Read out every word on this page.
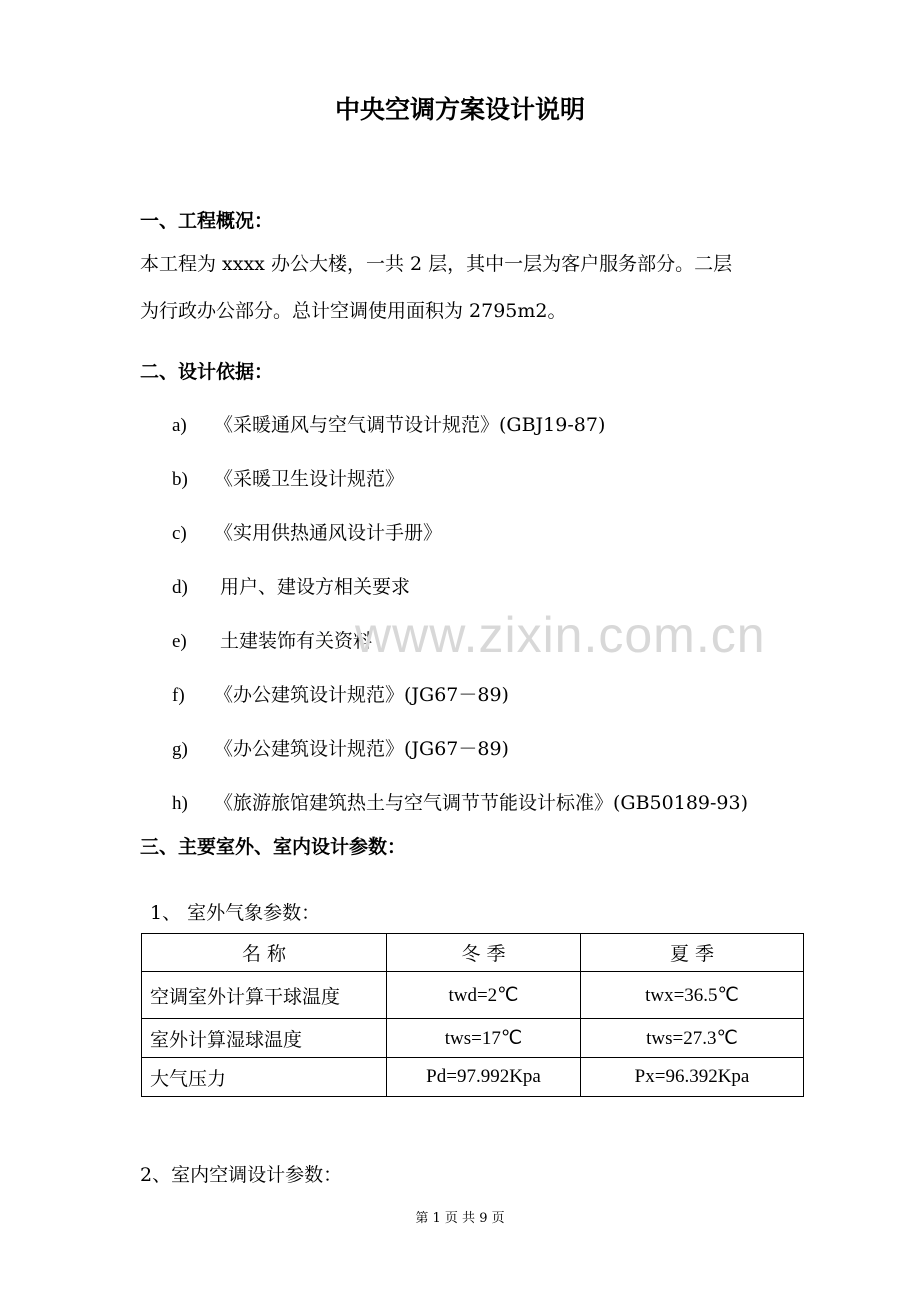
中央空调方案设计说明
一、工程概况：
本工程为 xxxx 办公大楼，一共 2 层，其中一层为客户服务部分。二层
为行政办公部分。总计空调使用面积为 2795m2。
二、设计依据：
a) 《采暖通风与空气调节设计规范》(GBJ19-87)
b) 《采暖卫生设计规范》
c) 《实用供热通风设计手册》
d) 用户、建设方相关要求
e) 土建装饰有关资料
f) 《办公建筑设计规范》(JG67－89)
g) 《办公建筑设计规范》(JG67－89)
h) 《旅游旅馆建筑热土与空气调节节能设计标准》(GB50189-93)
www.zixin.com.cn
三、主要室外、室内设计参数：
1、 室外气象参数：
名 称	冬 季	夏 季
空调室外计算干球温度	twd=2℃	twx=36.5℃
室外计算湿球温度	tws=17℃	tws=27.3℃
大气压力	Pd=97.992Kpa	Px=96.392Kpa
2、室内空调设计参数：
第 1 页 共 9 页
